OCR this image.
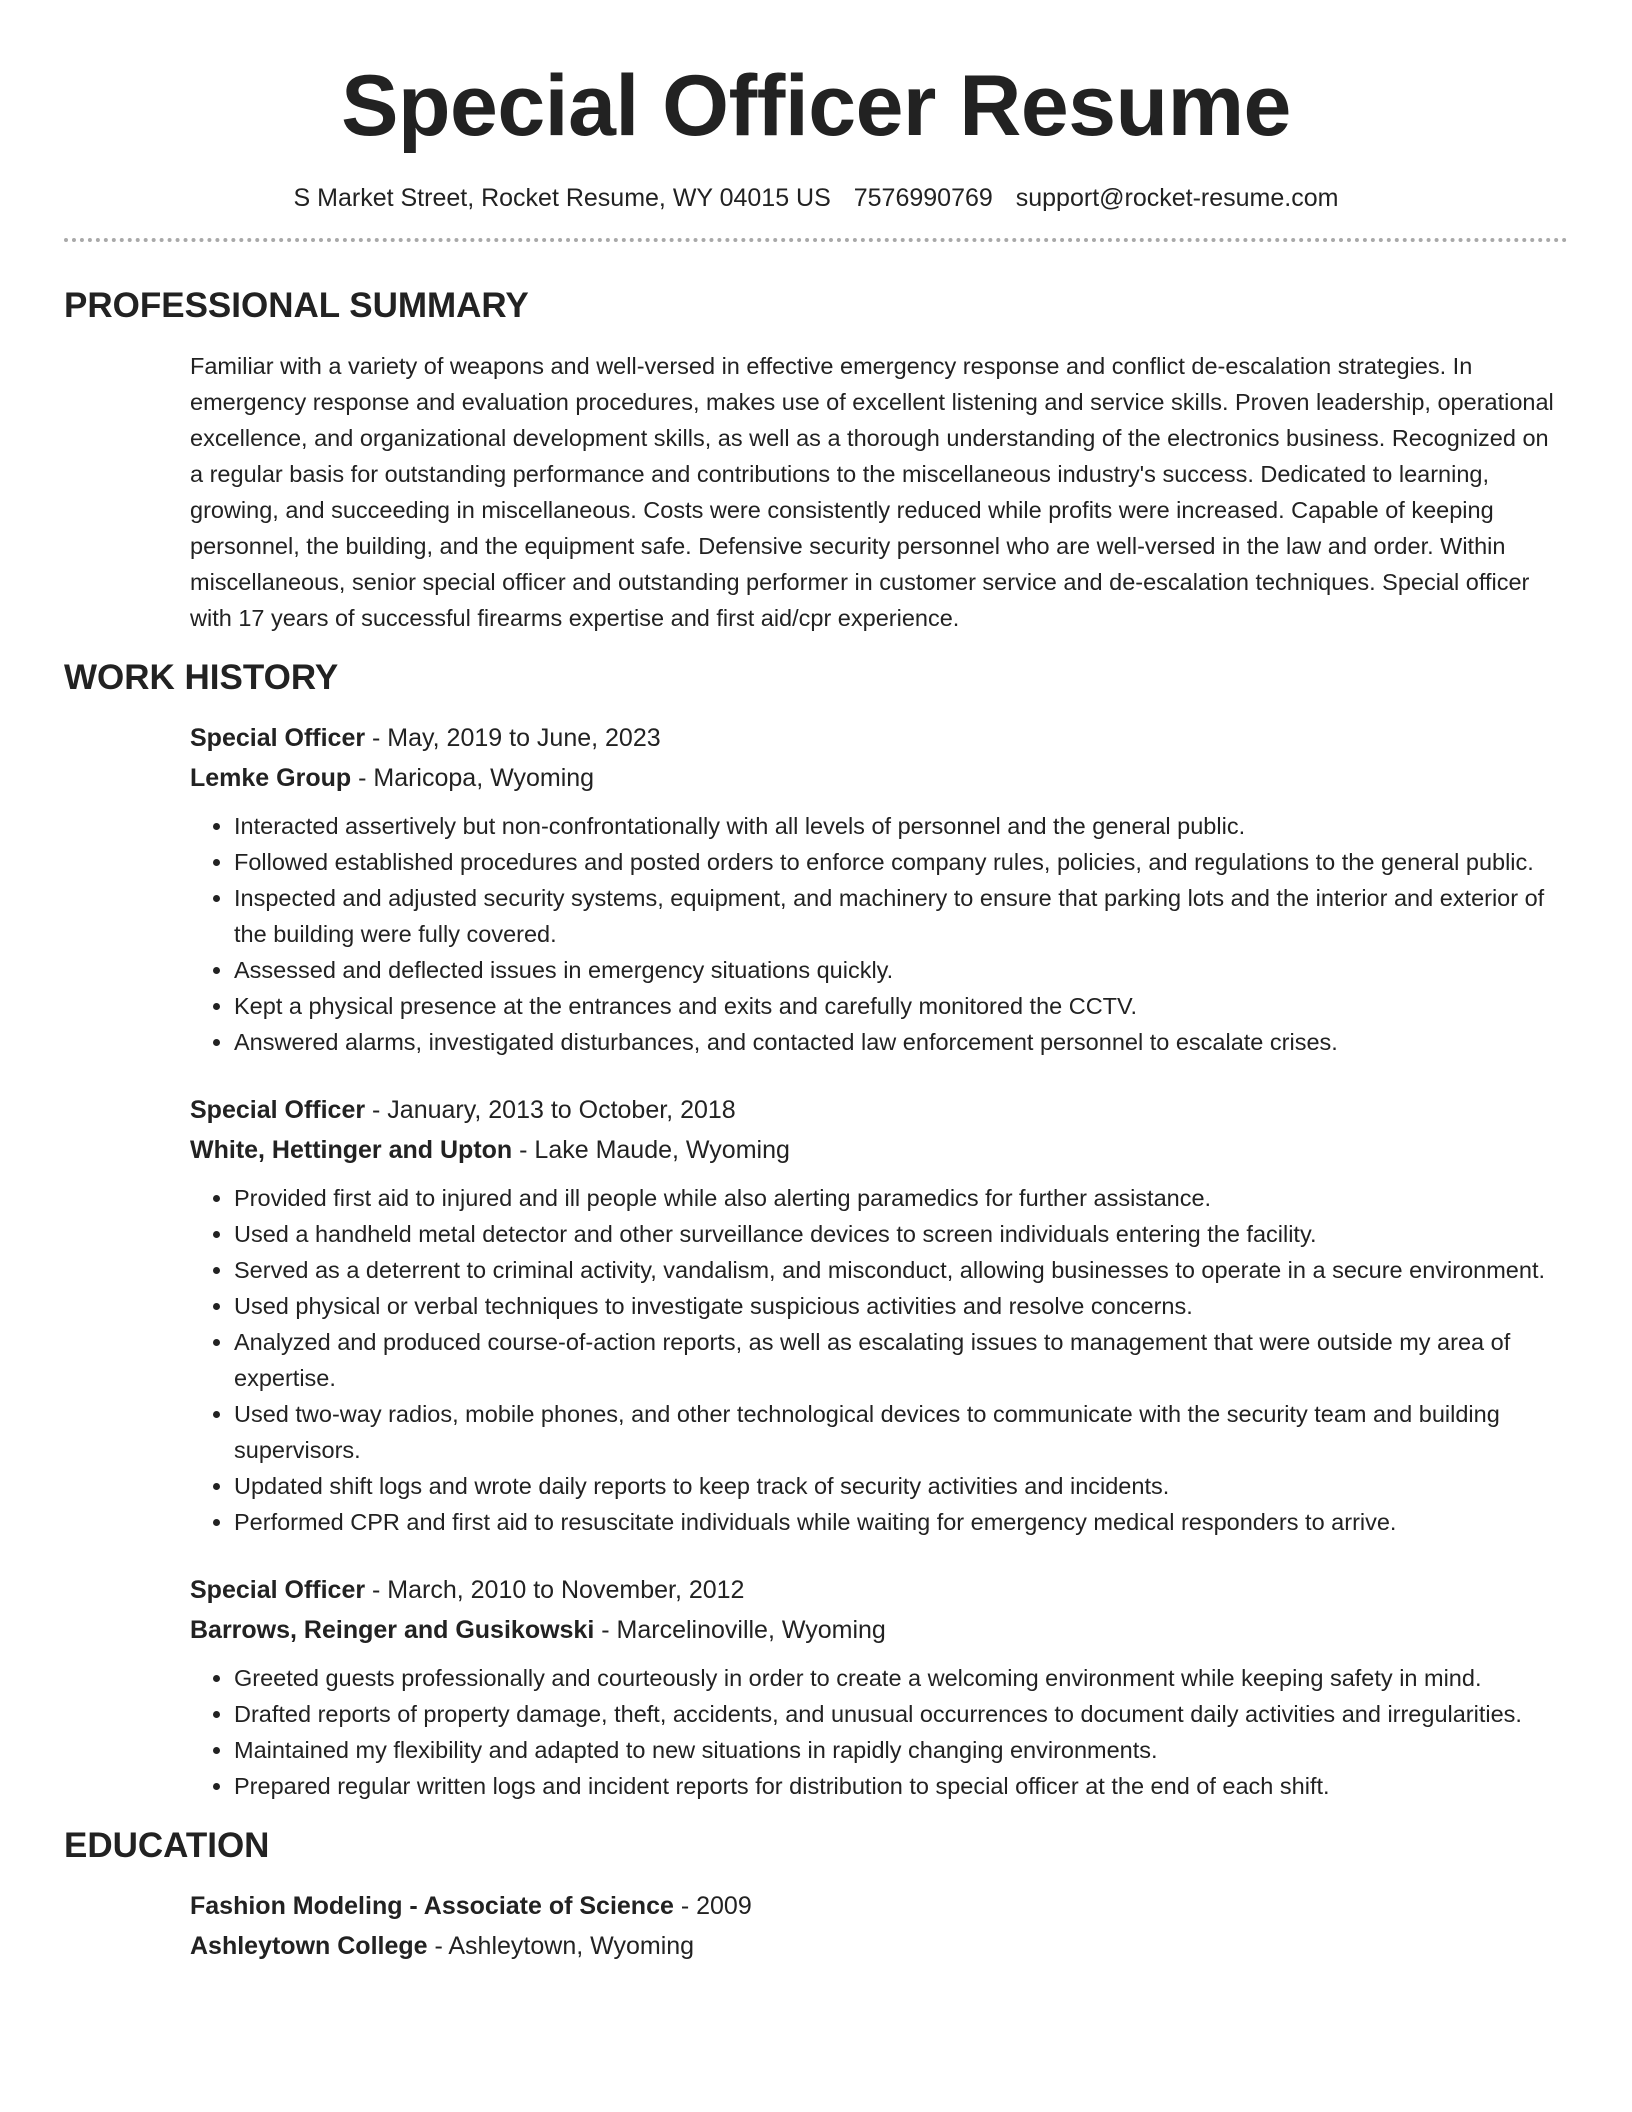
Special Officer Resume
S Market Street, Rocket Resume, WY 04015 US 7576990769 support@rocket-resume.com
PROFESSIONAL SUMMARY
Familiar with a variety of weapons and well-versed in effective emergency response and conflict de-escalation strategies. In emergency response and evaluation procedures, makes use of excellent listening and service skills. Proven leadership, operational excellence, and organizational development skills, as well as a thorough understanding of the electronics business. Recognized on a regular basis for outstanding performance and contributions to the miscellaneous industry's success. Dedicated to learning, growing, and succeeding in miscellaneous. Costs were consistently reduced while profits were increased. Capable of keeping personnel, the building, and the equipment safe. Defensive security personnel who are well-versed in the law and order. Within miscellaneous, senior special officer and outstanding performer in customer service and de-escalation techniques. Special officer with 17 years of successful firearms expertise and first aid/cpr experience.
WORK HISTORY
Special Officer - May, 2019 to June, 2023
Lemke Group - Maricopa, Wyoming
• Interacted assertively but non-confrontationally with all levels of personnel and the general public.
• Followed established procedures and posted orders to enforce company rules, policies, and regulations to the general public.
• Inspected and adjusted security systems, equipment, and machinery to ensure that parking lots and the interior and exterior of the building were fully covered.
• Assessed and deflected issues in emergency situations quickly.
• Kept a physical presence at the entrances and exits and carefully monitored the CCTV.
• Answered alarms, investigated disturbances, and contacted law enforcement personnel to escalate crises.
Special Officer - January, 2013 to October, 2018
White, Hettinger and Upton - Lake Maude, Wyoming
• Provided first aid to injured and ill people while also alerting paramedics for further assistance.
• Used a handheld metal detector and other surveillance devices to screen individuals entering the facility.
• Served as a deterrent to criminal activity, vandalism, and misconduct, allowing businesses to operate in a secure environment.
• Used physical or verbal techniques to investigate suspicious activities and resolve concerns.
• Analyzed and produced course-of-action reports, as well as escalating issues to management that were outside my area of expertise.
• Used two-way radios, mobile phones, and other technological devices to communicate with the security team and building supervisors.
• Updated shift logs and wrote daily reports to keep track of security activities and incidents.
• Performed CPR and first aid to resuscitate individuals while waiting for emergency medical responders to arrive.
Special Officer - March, 2010 to November, 2012
Barrows, Reinger and Gusikowski - Marcelinoville, Wyoming
• Greeted guests professionally and courteously in order to create a welcoming environment while keeping safety in mind.
• Drafted reports of property damage, theft, accidents, and unusual occurrences to document daily activities and irregularities.
• Maintained my flexibility and adapted to new situations in rapidly changing environments.
• Prepared regular written logs and incident reports for distribution to special officer at the end of each shift.
EDUCATION
Fashion Modeling - Associate of Science - 2009
Ashleytown College - Ashleytown, Wyoming
